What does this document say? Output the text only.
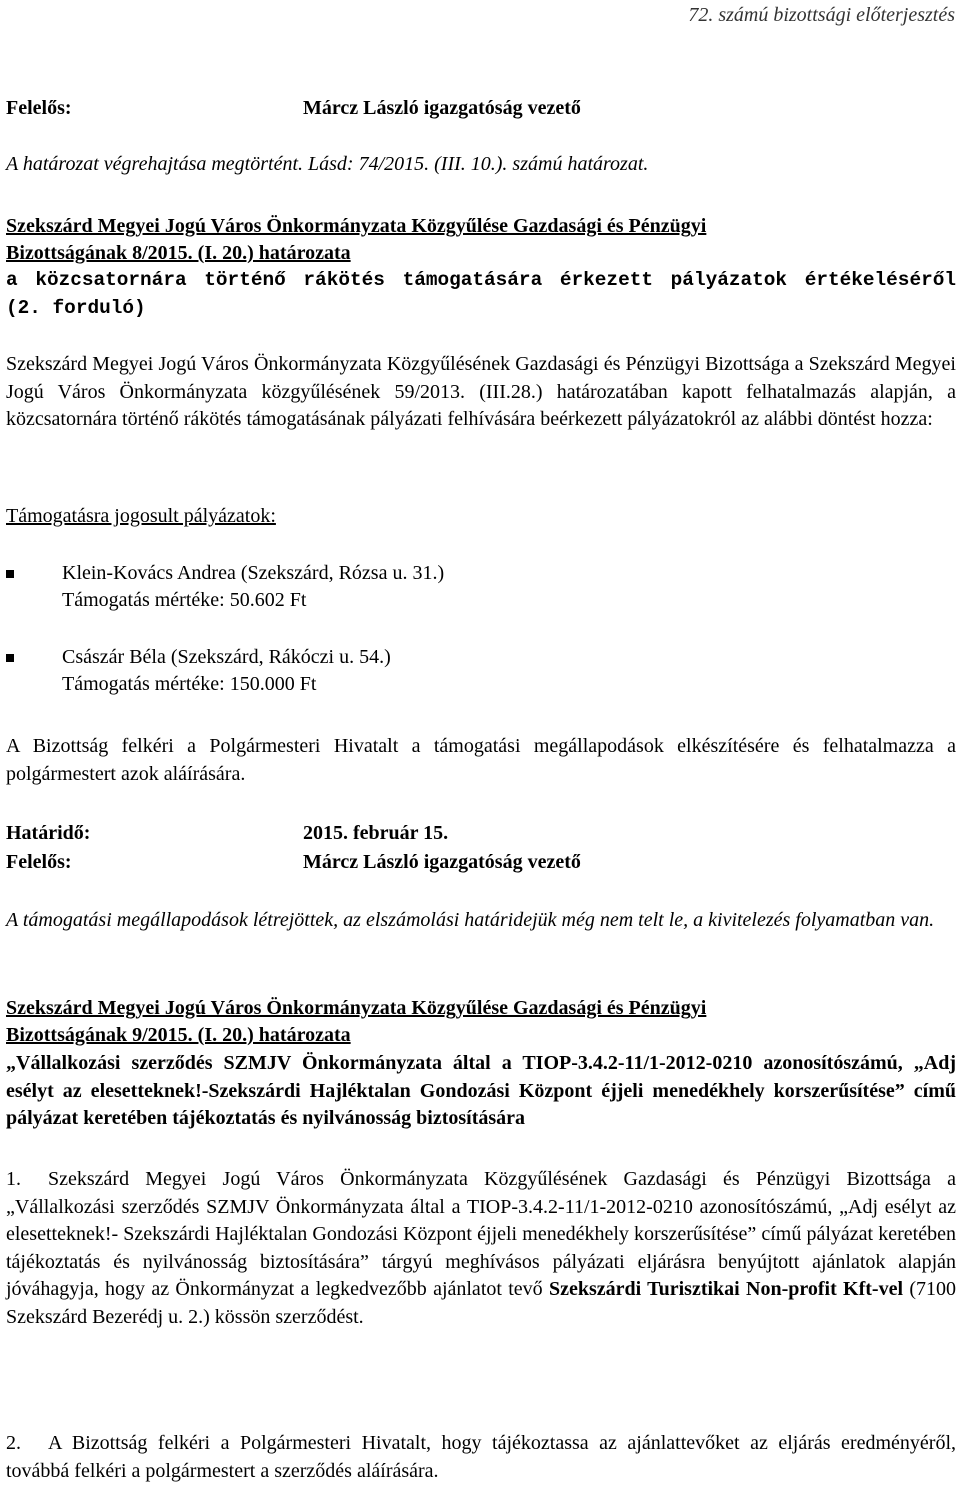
72. számú bizottsági előterjesztés
Felelős:	Márcz László igazgatóság vezető
A határozat végrehajtása megtörtént. Lásd: 74/2015. (III. 10.). számú határozat.
Szekszárd Megyei Jogú Város Önkormányzata Közgyűlése Gazdasági és Pénzügyi
Bizottságának 8/2015. (I. 20.) határozata
a közcsatornára történő rákötés támogatására érkezett pályázatok értékeléséről (2. forduló)
Szekszárd Megyei Jogú Város Önkormányzata Közgyűlésének Gazdasági és Pénzügyi Bizottsága a Szekszárd Megyei Jogú Város Önkormányzata közgyűlésének 59/2013. (III.28.) határozatában kapott felhatalmazás alapján, a közcsatornára történő rákötés támogatásának pályázati felhívására beérkezett pályázatokról az alábbi döntést hozza:
Támogatásra jogosult pályázatok:
Klein-Kovács Andrea (Szekszárd, Rózsa u. 31.)
Támogatás mértéke: 50.602 Ft
Császár Béla (Szekszárd, Rákóczi u. 54.)
Támogatás mértéke: 150.000 Ft
A Bizottság felkéri a Polgármesteri Hivatalt a támogatási megállapodások elkészítésére és felhatalmazza a polgármestert azok aláírására.
Határidő:	2015. február 15.
Felelős:	Márcz László igazgatóság vezető
A támogatási megállapodások létrejöttek, az elszámolási határidejük még nem telt le, a kivitelezés folyamatban van.
Szekszárd Megyei Jogú Város Önkormányzata Közgyűlése Gazdasági és Pénzügyi
Bizottságának 9/2015. (I. 20.) határozata
„Vállalkozási szerződés SZMJV Önkormányzata által a TIOP-3.4.2-11/1-2012-0210 azonosítószámú, „Adj esélyt az elesetteknek!-Szekszárdi Hajléktalan Gondozási Központ éjjeli menedékhely korszerűsítése” című pályázat keretében tájékoztatás és nyilvánosság biztosítására
1. Szekszárd Megyei Jogú Város Önkormányzata Közgyűlésének Gazdasági és Pénzügyi Bizottsága a „Vállalkozási szerződés SZMJV Önkormányzata által a TIOP-3.4.2-11/1-2012-0210 azonosítószámú, „Adj esélyt az elesetteknek!- Szekszárdi Hajléktalan Gondozási Központ éjjeli menedékhely korszerűsítése” című pályázat keretében tájékoztatás és nyilvánosság biztosítására” tárgyú meghívásos pályázati eljárásra benyújtott ajánlatok alapján jóváhagyja, hogy az Önkormányzat a legkedvezőbb ajánlatot tevő Szekszárdi Turisztikai Non-profit Kft-vel (7100 Szekszárd Bezerédj u. 2.) kössön szerződést.
2. A Bizottság felkéri a Polgármesteri Hivatalt, hogy tájékoztassa az ajánlattevőket az eljárás eredményéről, továbbá felkéri a polgármestert a szerződés aláírására.
